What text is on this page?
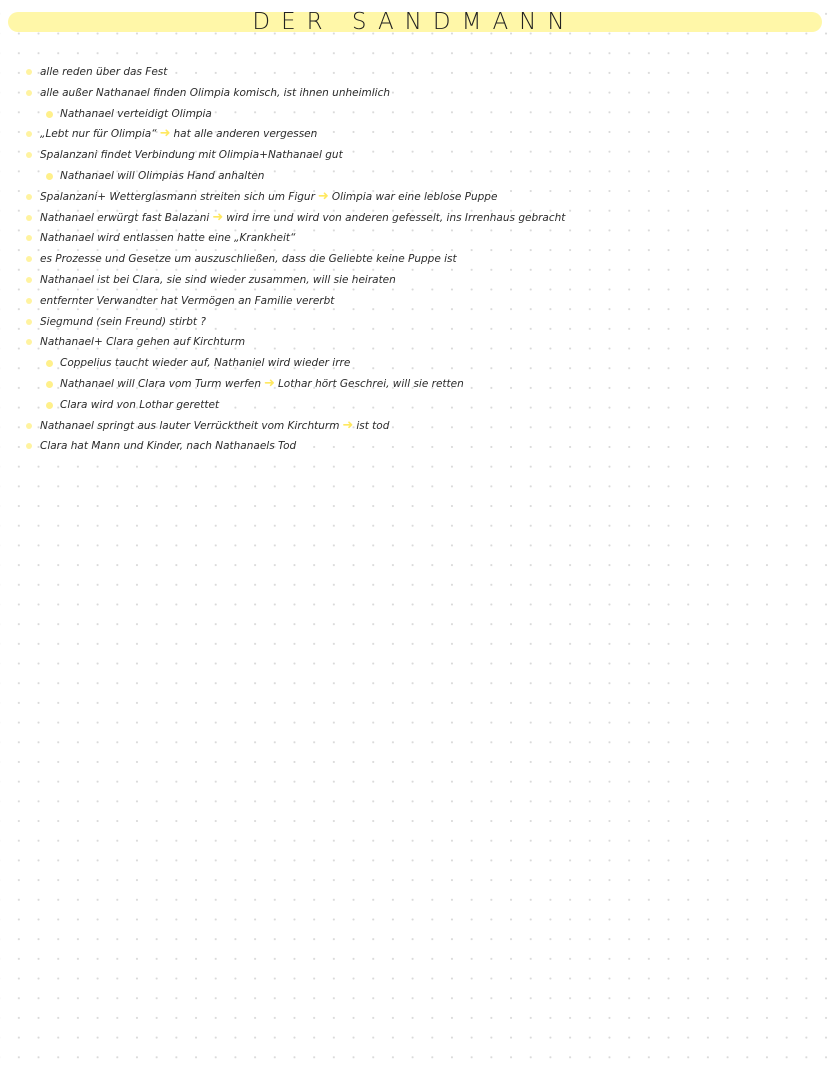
DER SANDMANN
alle reden über das Fest
alle außer Nathanael finden Olimpia komisch, ist ihnen unheimlich
Nathanael verteidigt Olimpia
„Lebt nur für Olimpia“ ➜ hat alle anderen vergessen
Spalanzani findet Verbindung mit Olimpia+Nathanael gut
Nathanael will Olimpias Hand anhalten
Spalanzani+ Wetterglasmann streiten sich um Figur ➜ Olimpia war eine leblose Puppe
Nathanael erwürgt fast Balazani ➜ wird irre und wird von anderen gefesselt, ins Irrenhaus gebracht
Nathanael wird entlassen hatte eine „Krankheit“
es Prozesse und Gesetze um auszuschließen, dass die Geliebte keine Puppe ist
Nathanael ist bei Clara, sie sind wieder zusammen, will sie heiraten
entfernter Verwandter hat Vermögen an Familie vererbt
Siegmund (sein Freund) stirbt ?
Nathanael+ Clara gehen auf Kirchturm
Coppelius taucht wieder auf, Nathaniel wird wieder irre
Nathanael will Clara vom Turm werfen ➜ Lothar hört Geschrei, will sie retten
Clara wird von Lothar gerettet
Nathanael springt aus lauter Verrücktheit vom Kirchturm ➜ ist tod
Clara hat Mann und Kinder, nach Nathanaels Tod
